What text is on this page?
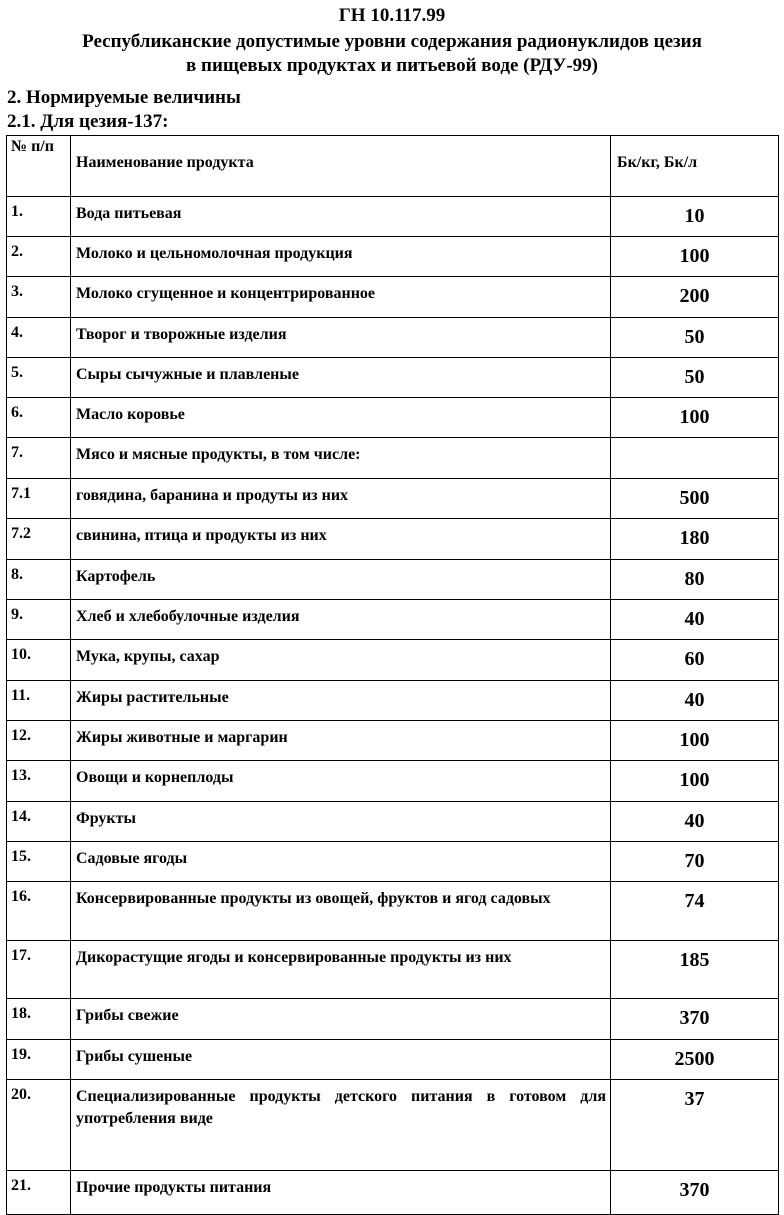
ГН 10.117.99
Республиканские допустимые уровни содержания радионуклидов цезия
в пищевых продуктах и питьевой воде (РДУ-99)
2. Нормируемые величины
2.1. Для цезия-137:
№ п/п	Наименование продукта	Бк/кг, Бк/л
1.	Вода питьевая	10
2.	Молоко и цельномолочная продукция	100
3.	Молоко сгущенное и концентрированное	200
4.	Творог и творожные изделия	50
5.	Сыры сычужные и плавленые	50
6.	Масло коровье	100
7.	Мясо и мясные продукты, в том числе:	
7.1	говядина, баранина и продуты из них	500
7.2	свинина, птица и продукты из них	180
8.	Картофель	80
9.	Хлеб и хлебобулочные изделия	40
10.	Мука, крупы, сахар	60
11.	Жиры растительные	40
12.	Жиры животные и маргарин	100
13.	Овощи и корнеплоды	100
14.	Фрукты	40
15.	Садовые ягоды	70
16.	Консервированные продукты из овощей, фруктов и ягод садовых	74
17.	Дикорастущие ягоды и консервированные продукты из них	185
18.	Грибы свежие	370
19.	Грибы сушеные	2500
20.	Специализированные продукты детского питания в готовом для употребления виде	37
21.	Прочие продукты питания	370
